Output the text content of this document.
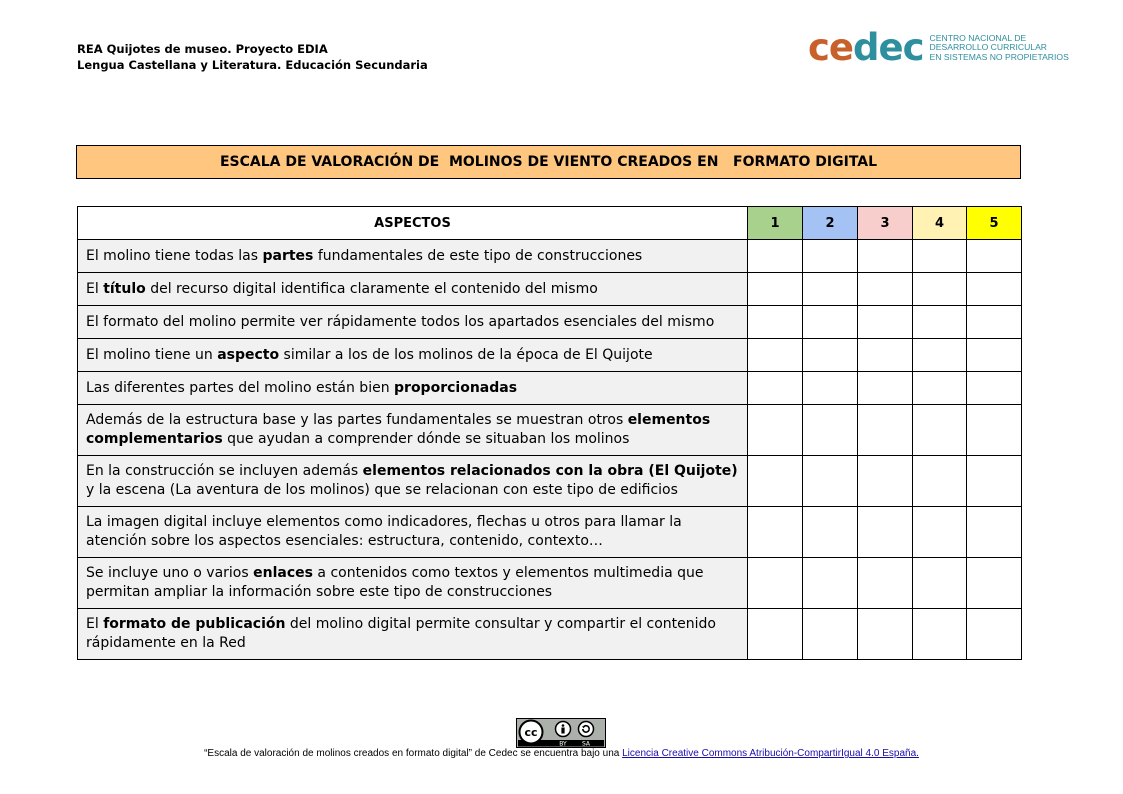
REA Quijotes de museo. Proyecto EDIA
Lengua Castellana y Literatura. Educación Secundaria	cedec CENTRO NACIONAL DE
DESARROLLO CURRICULAR
EN SISTEMAS NO PROPIETARIOS
ESCALA DE VALORACIÓN DE  MOLINOS DE VIENTO CREADOS EN   FORMATO DIGITAL
ASPECTOS	1	2	3	4	5
El molino tiene todas las partes fundamentales de este tipo de construcciones					
El título del recurso digital identifica claramente el contenido del mismo					
El formato del molino permite ver rápidamente todos los apartados esenciales del mismo					
El molino tiene un aspecto similar a los de los molinos de la época de El Quijote					
Las diferentes partes del molino están bien proporcionadas					
Además de la estructura base y las partes fundamentales se muestran otros elementos complementarios que ayudan a comprender dónde se situaban los molinos					
En la construcción se incluyen además elementos relacionados con la obra (El Quijote) y la escena (La aventura de los molinos) que se relacionan con este tipo de edificios					
La imagen digital incluye elementos como indicadores, flechas u otros para llamar la atención sobre los aspectos esenciales: estructura, contenido, contexto…					
Se incluye uno o varios enlaces a contenidos como textos y elementos multimedia que permitan ampliar la información sobre este tipo de construcciones					
El formato de publicación del molino digital permite consultar y compartir el contenido rápidamente en la Red					
cc
BY	SA
“Escala de valoración de molinos creados en formato digital” de Cedec se encuentra bajo una Licencia Creative Commons Atribución-CompartirIgual 4.0 España.
